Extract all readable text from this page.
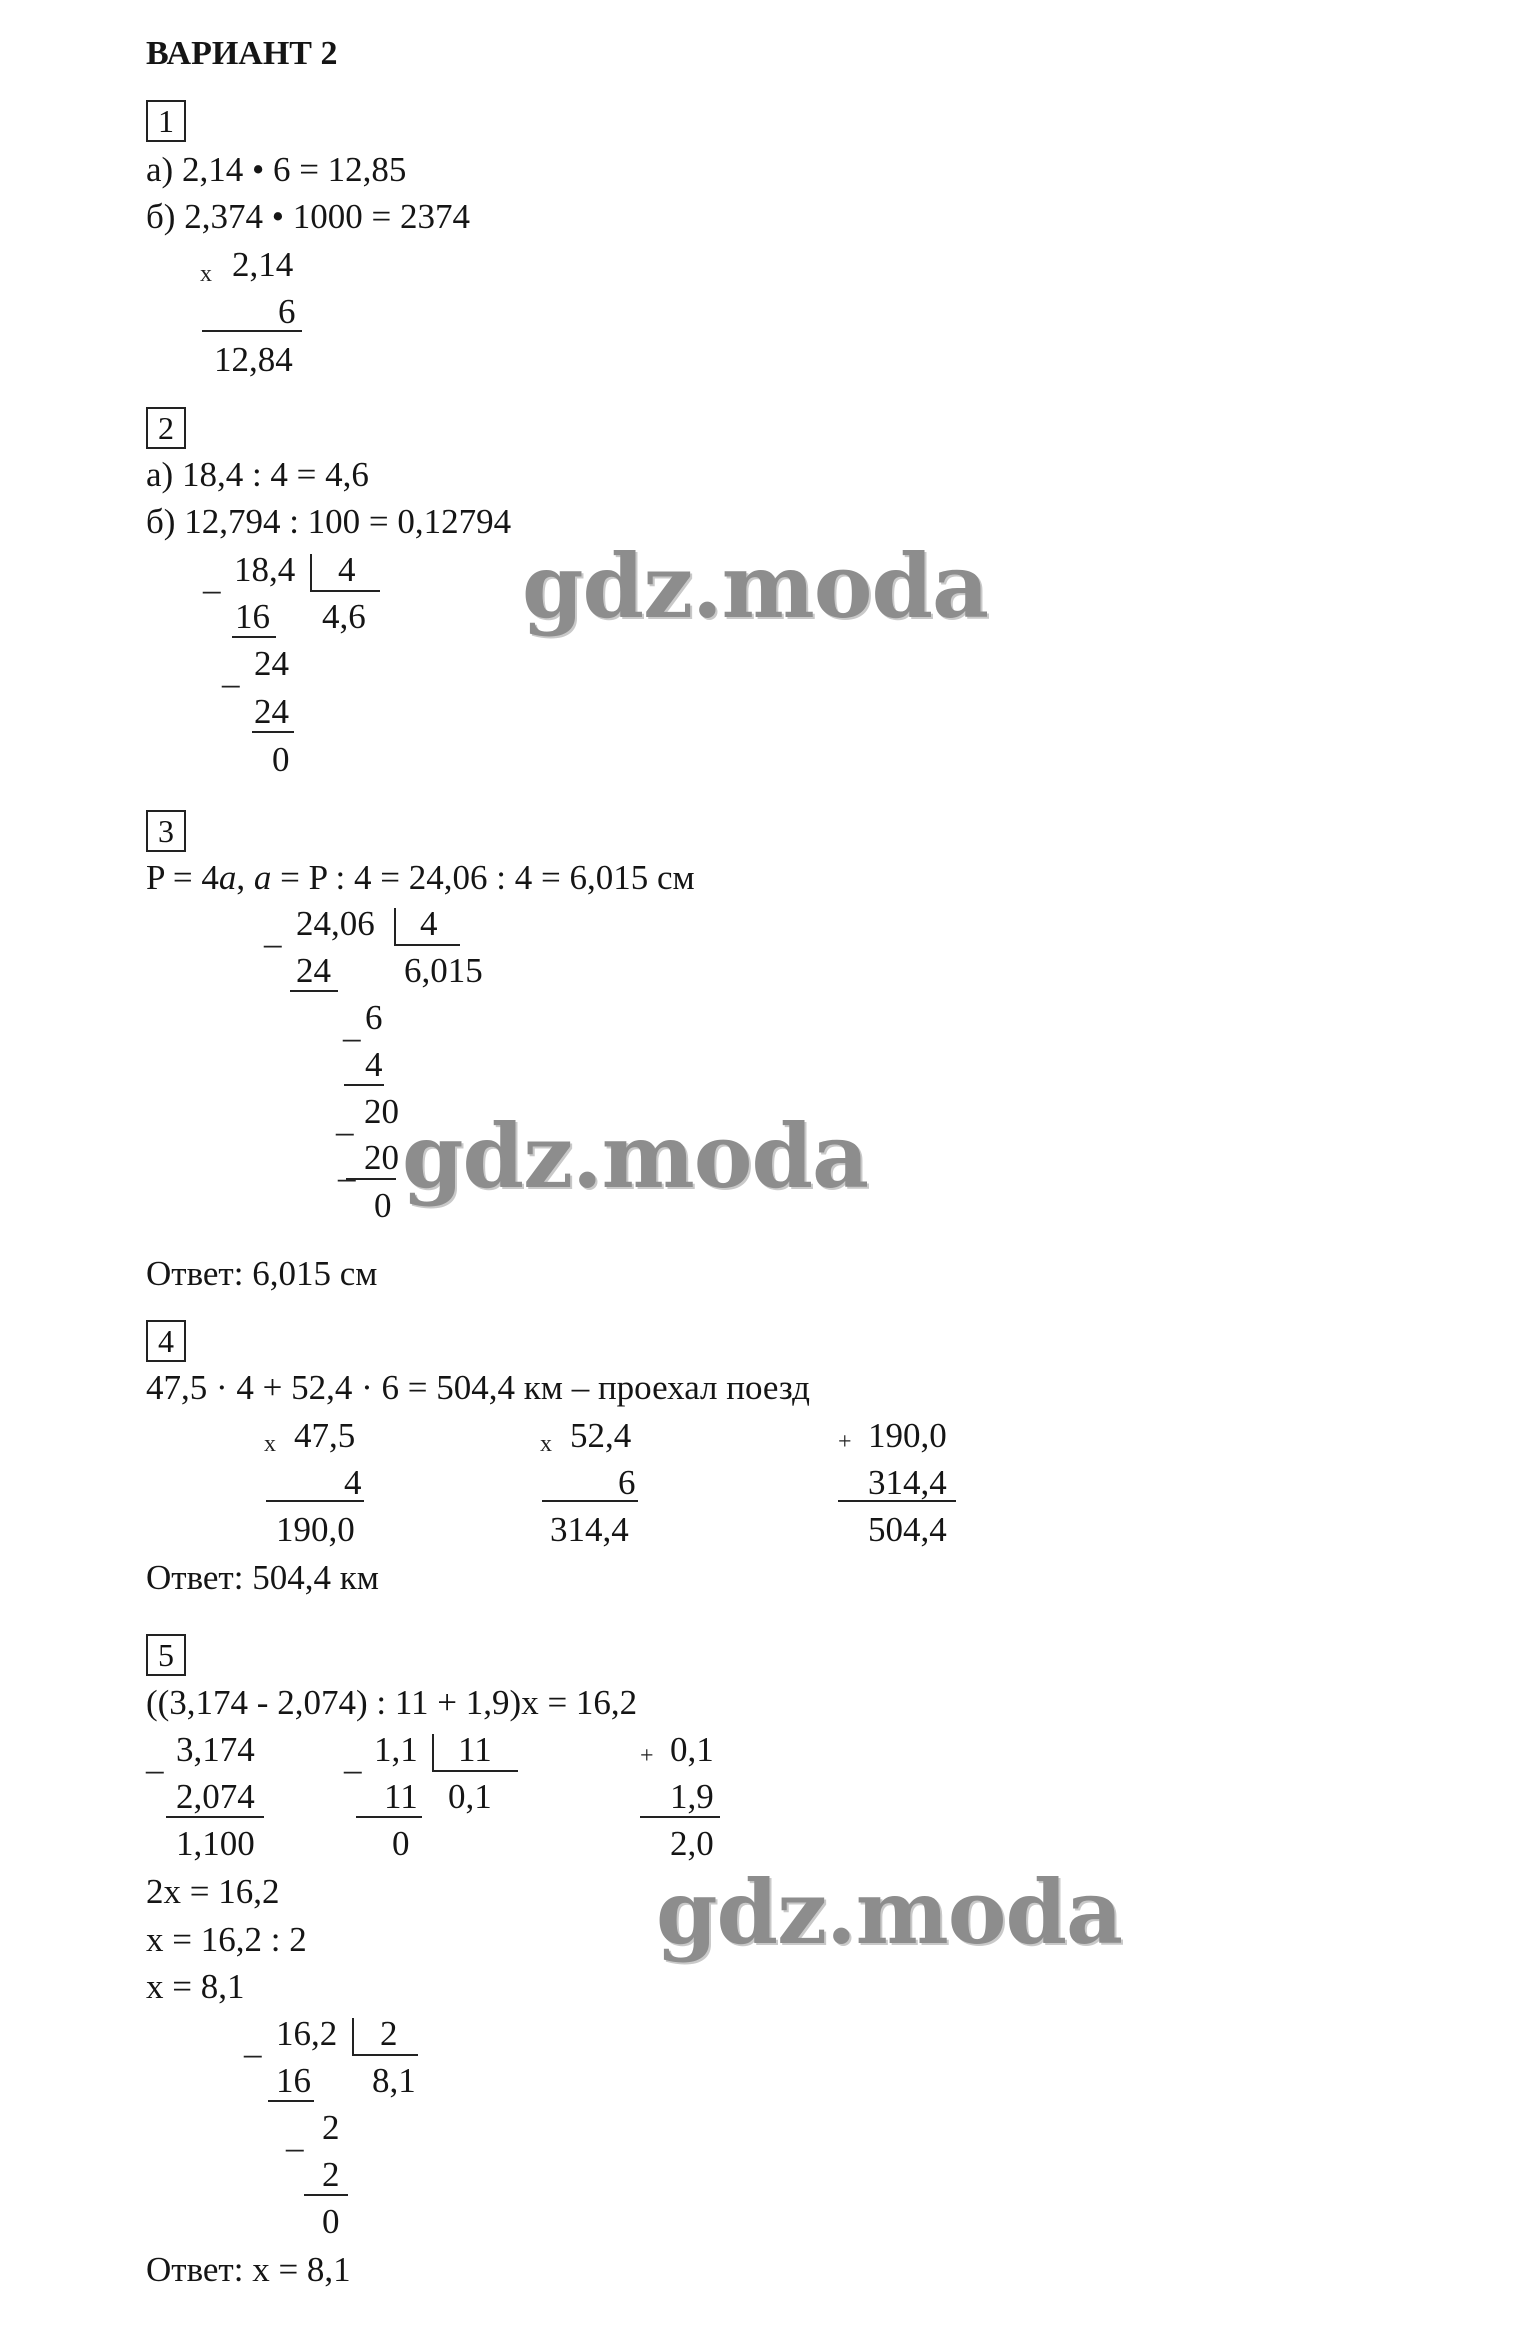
ВАРИАНТ 2
1
а) 2,14 • 6 = 12,85
б) 2,374 • 1000 = 2374
x 2,14
6
12,84
2
а) 18,4 : 4 = 4,6
б) 12,794 : 100 = 0,12794
_ 18,4 4
16 4,6
_ 24
24
0
gdz.moda
3
P = 4a, a = P : 4 = 24,06 : 4 = 6,015 см
_ 24,06 4
24 6,015
_ 6
4
_ 20
_ 20
0 gdz.moda
Ответ: 6,015 см
4
47,5 · 4 + 52,4 · 6 = 504,4 км – проехал поезд
x 47,5
4
190,0
x 52,4
6
314,4
+ 190,0
314,4
504,4
Ответ: 504,4 км
5
((3,174 - 2,074) : 11 + 1,9)x = 16,2
_ 3,174
2,074
1,100
_ 1,1 11
11 0,1
0
+ 0,1
1,9
2,0
2x = 16,2
x = 16,2 : 2
x = 8,1
gdz.moda
_ 16,2 2
16 8,1
_ 2
2
0
Ответ: x = 8,1
